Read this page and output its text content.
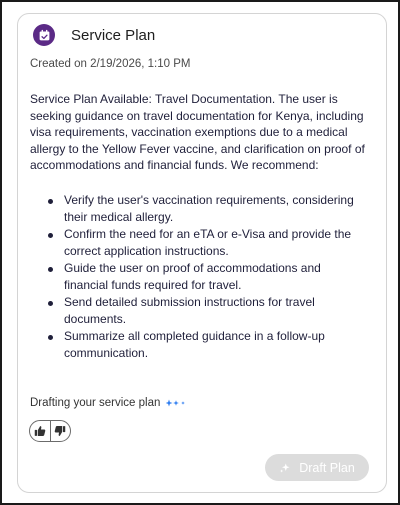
Service Plan
Created on 2/19/2026, 1:10 PM
Service Plan Available: Travel Documentation. The user is seeking guidance on travel documentation for Kenya, including visa requirements, vaccination exemptions due to a medical allergy to the Yellow Fever vaccine, and clarification on proof of accommodations and financial funds. We recommend:
Verify the user's vaccination requirements, considering their medical allergy.
Confirm the need for an eTA or e-Visa and provide the correct application instructions.
Guide the user on proof of accommodations and financial funds required for travel.
Send detailed submission instructions for travel documents.
Summarize all completed guidance in a follow-up communication.
Drafting your service plan
Draft Plan
